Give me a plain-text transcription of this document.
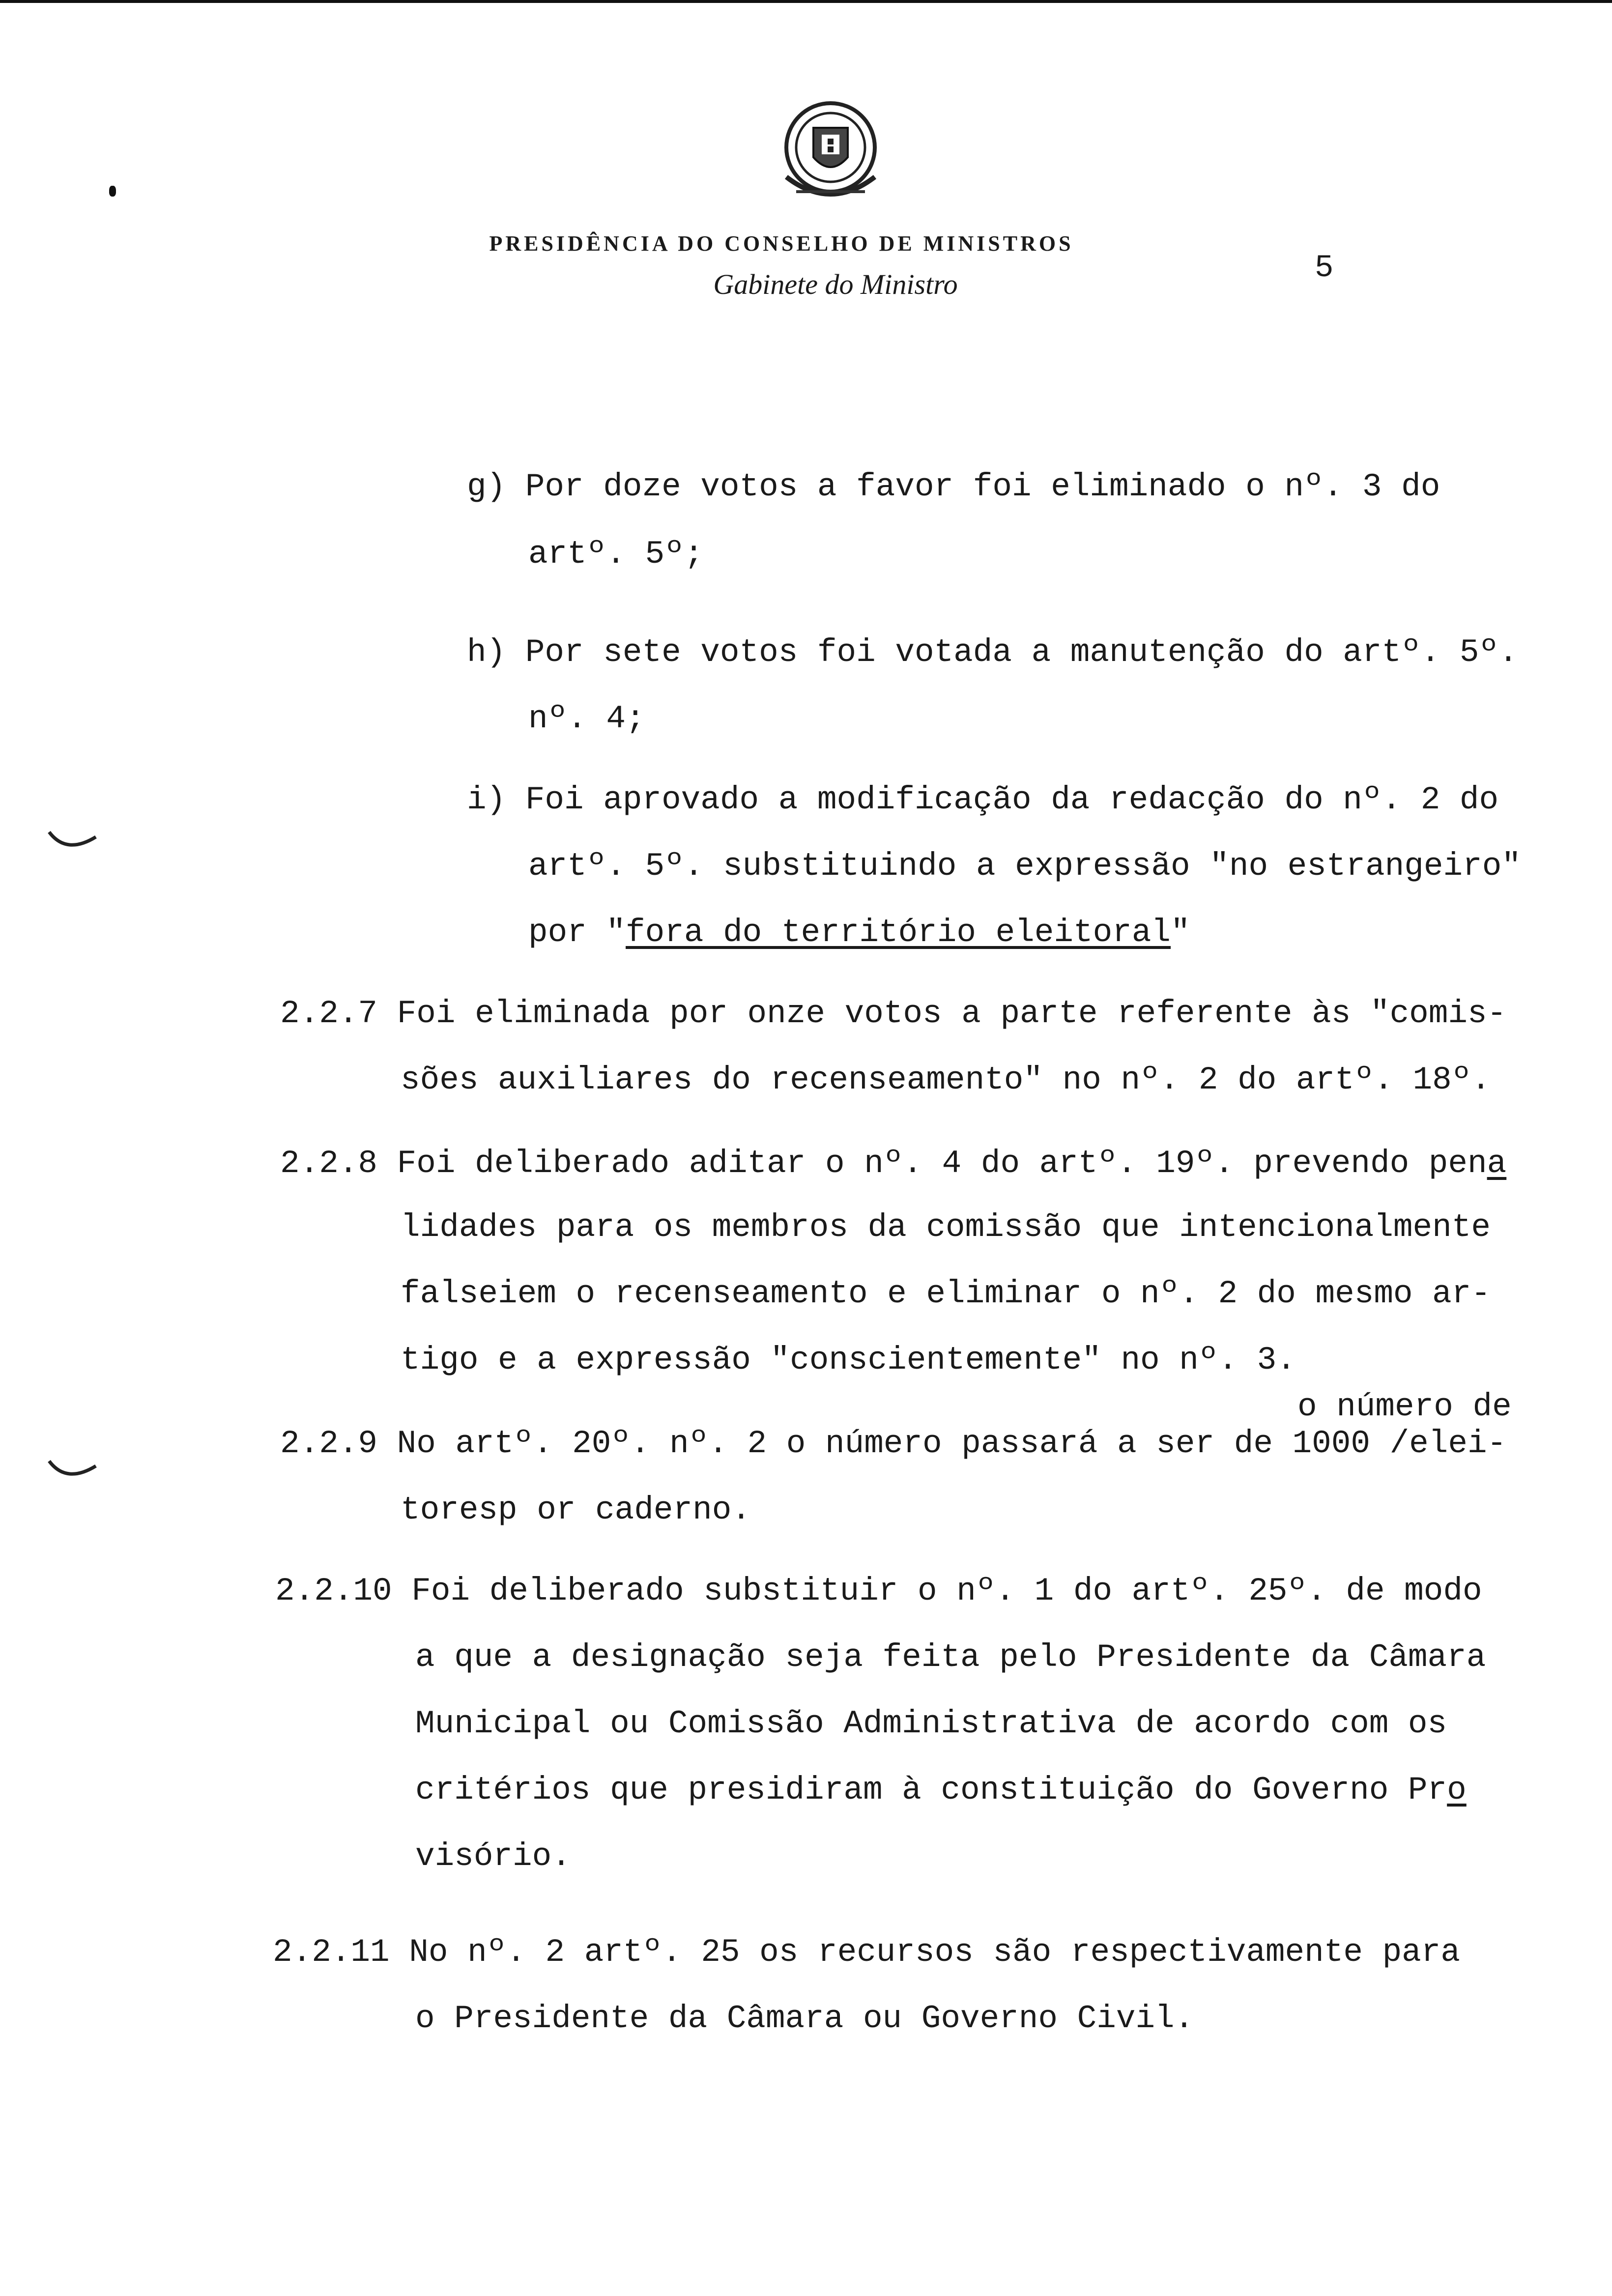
PRESIDÊNCIA DO CONSELHO DE MINISTROS
Gabinete do Ministro	5
g) Por doze votos a favor foi eliminado o nº. 3 do
artº. 5º;
h) Por sete votos foi votada a manutenção do artº. 5º.
nº. 4;
i) Foi aprovado a modificação da redacção do nº. 2 do
artº. 5º. substituindo a expressão "no estrangeiro"
por "fora do território eleitoral"
2.2.7 Foi eliminada por onze votos a parte referente às "comis-
sões auxiliares do recenseamento" no nº. 2 do artº. 18º.
2.2.8 Foi deliberado aditar o nº. 4 do artº. 19º. prevendo pena
lidades para os membros da comissão que intencionalmente
falseiem o recenseamento e eliminar o nº. 2 do mesmo ar-
tigo e a expressão "conscientemente" no nº. 3.
o número de
2.2.9 No artº. 20º. nº. 2 o número passará a ser de 1000 /elei-
toresp or caderno.
2.2.10 Foi deliberado substituir o nº. 1 do artº. 25º. de modo
a que a designação seja feita pelo Presidente da Câmara
Municipal ou Comissão Administrativa de acordo com os
critérios que presidiram à constituição do Governo Pro
visório.
2.2.11 No nº. 2 artº. 25 os recursos são respectivamente para
o Presidente da Câmara ou Governo Civil.
